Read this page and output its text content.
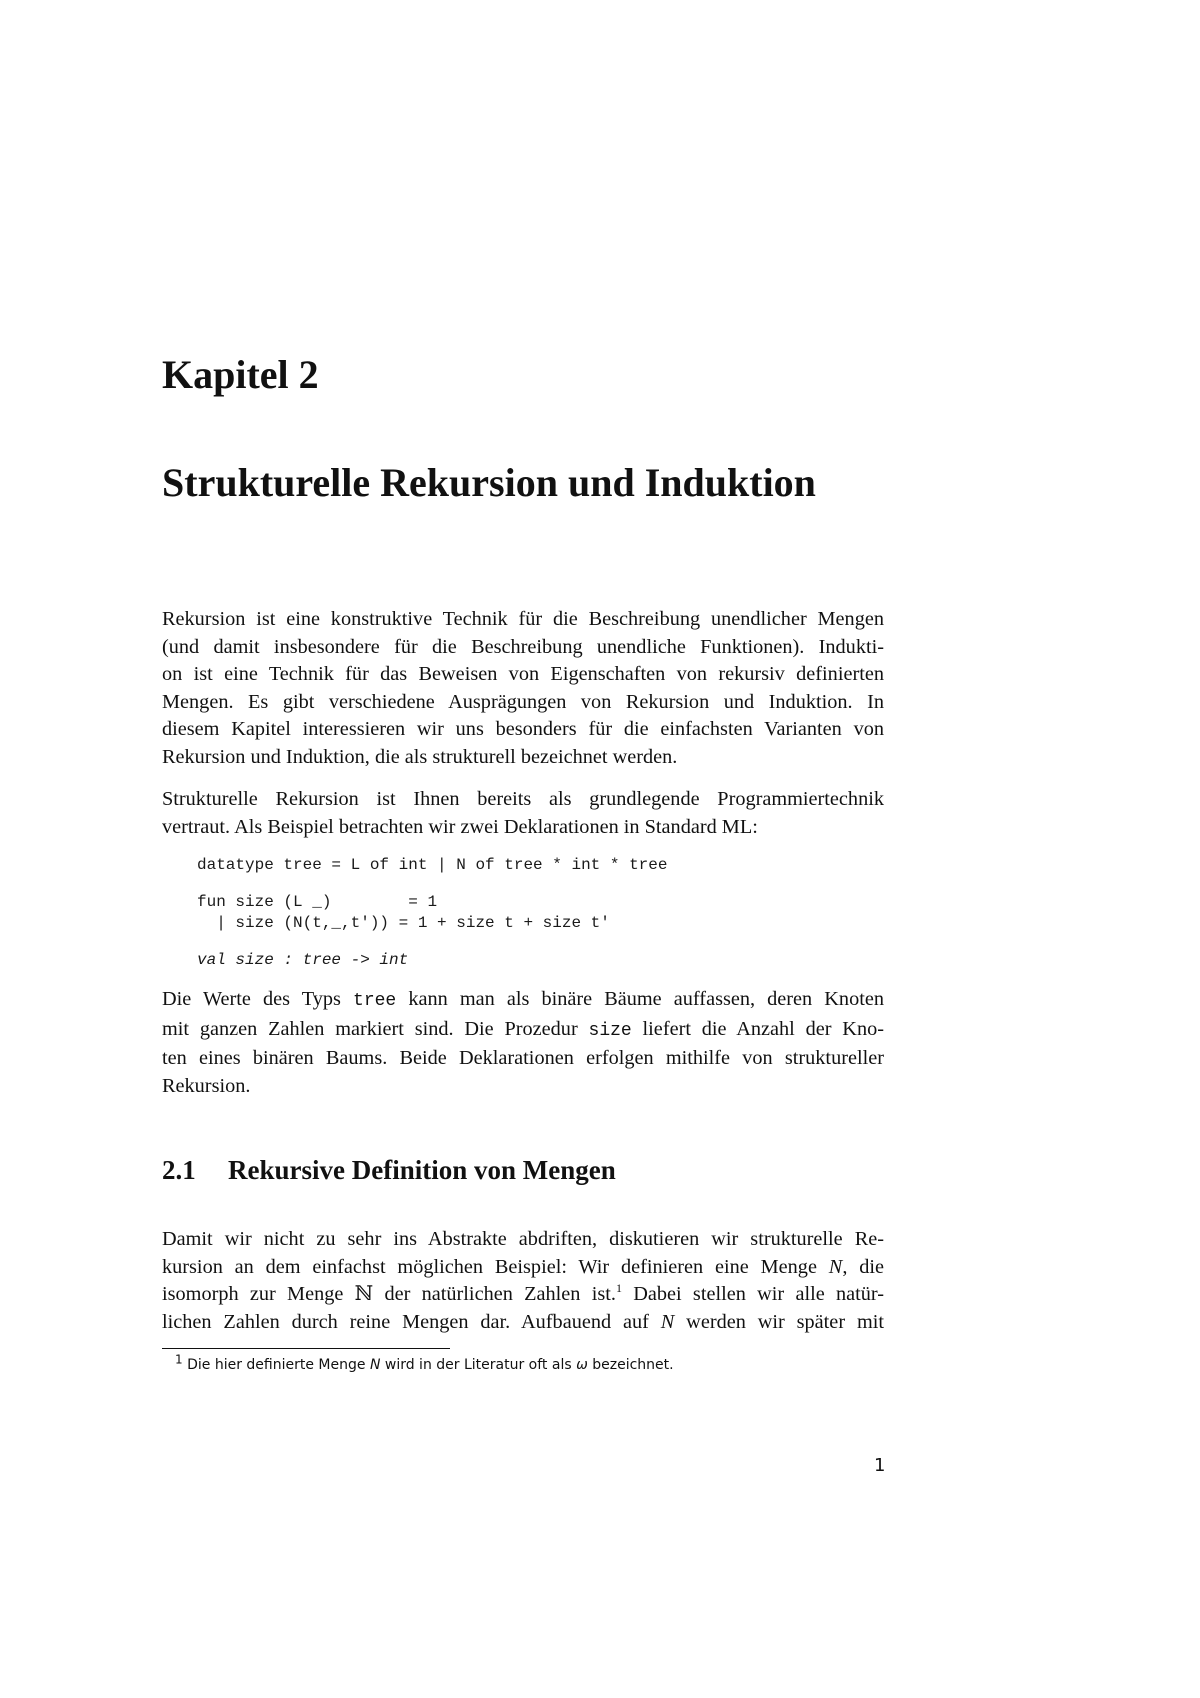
Kapitel 2
Strukturelle Rekursion und Induktion

Rekursion ist eine konstruktive Technik für die Beschreibung unendlicher Mengen
(und damit insbesondere für die Beschreibung unendliche Funktionen). Indukti-
on ist eine Technik für das Beweisen von Eigenschaften von rekursiv definierten
Mengen. Es gibt verschiedene Ausprägungen von Rekursion und Induktion. In
diesem Kapitel interessieren wir uns besonders für die einfachsten Varianten von
Rekursion und Induktion, die als strukturell bezeichnet werden.

Strukturelle Rekursion ist Ihnen bereits als grundlegende Programmiertechnik
vertraut. Als Beispiel betrachten wir zwei Deklarationen in Standard ML:

datatype tree = L of int | N of tree * int * tree
fun size (L _)        = 1
| size (N(t,_,t')) = 1 + size t + size t'
val size : tree -> int

Die Werte des Typs tree kann man als binäre Bäume auffassen, deren Knoten
mit ganzen Zahlen markiert sind. Die Prozedur size liefert die Anzahl der Kno-
ten eines binären Baums. Beide Deklarationen erfolgen mithilfe von struktureller
Rekursion.

2.1 Rekursive Definition von Mengen

Damit wir nicht zu sehr ins Abstrakte abdriften, diskutieren wir strukturelle Re-
kursion an dem einfachst möglichen Beispiel: Wir definieren eine Menge N, die
isomorph zur Menge ℕ der natürlichen Zahlen ist.$^1$ Dabei stellen wir alle natür-
lichen Zahlen durch reine Mengen dar. Aufbauend auf N werden wir später mit

$^1$ Die hier definierte Menge N wird in der Literatur oft als ω bezeichnet.

1
